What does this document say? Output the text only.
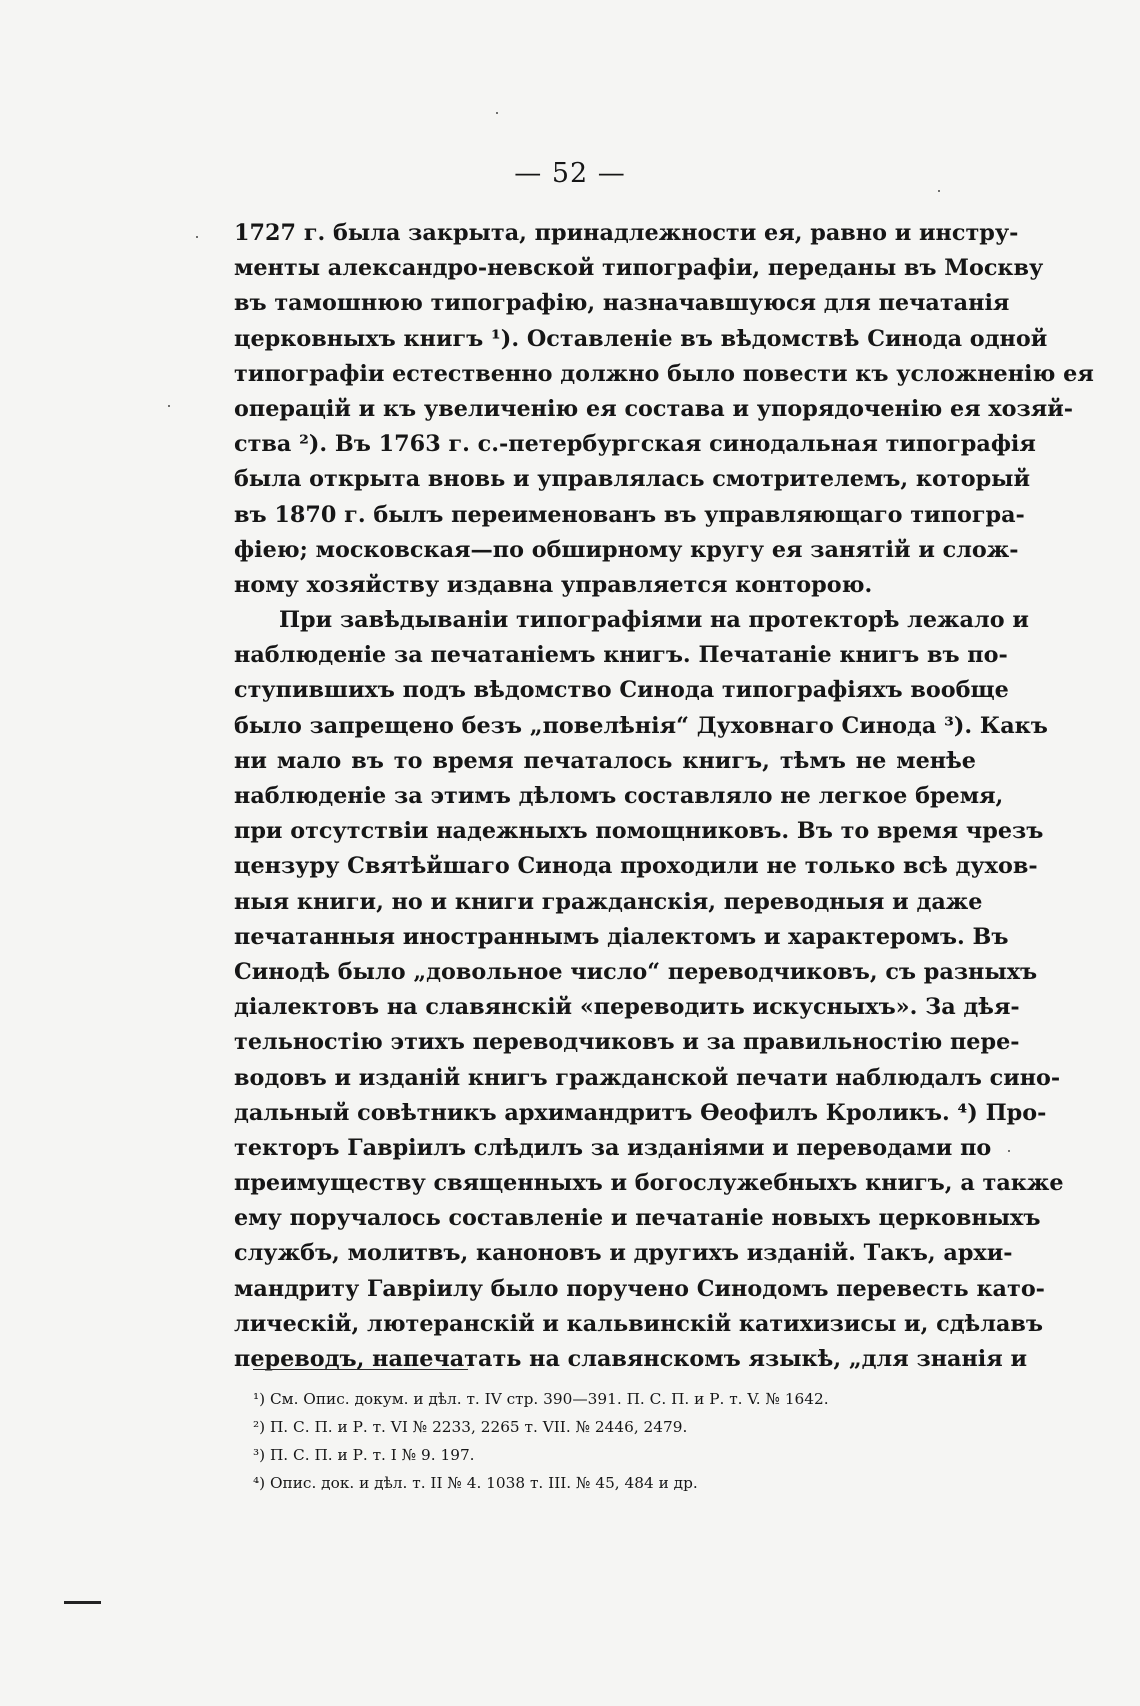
— 52 —
1727 г. была закрыта, принадлежности ея, равно и инстру-
менты александро-невской типографіи, переданы въ Москву
въ тамошнюю типографію, назначавшуюся для печатанія
церковныхъ книгъ ¹). Оставленіе въ вѣдомствѣ Синода одной
типографіи естественно должно было повести къ усложненію ея
операцій и къ увеличенію ея состава и упорядоченію ея хозяй-
ства ²). Въ 1763 г. с.-петербургская синодальная типографія
была открыта вновь и управлялась смотрителемъ, который
въ 1870 г. былъ переименованъ въ управляющаго типогра-
фіею; московская—по обширному кругу ея занятій и слож-
ному хозяйству издавна управляется конторою.
При завѣдываніи типографіями на протекторѣ лежало и
наблюденіе за печатаніемъ книгъ. Печатаніе книгъ въ по-
ступившихъ подъ вѣдомство Синода типографіяхъ вообще
было запрещено безъ „повелѣнія“ Духовнаго Синода ³). Какъ
ни мало въ то время печаталось книгъ, тѣмъ не менѣе
наблюденіе за этимъ дѣломъ составляло не легкое бремя,
при отсутствіи надежныхъ помощниковъ. Въ то время чрезъ
цензуру Святѣйшаго Синода проходили не только всѣ духов-
ныя книги, но и книги гражданскія, переводныя и даже
печатанныя иностраннымъ діалектомъ и характеромъ. Въ
Синодѣ было „довольное число“ переводчиковъ, съ разныхъ
діалектовъ на славянскій «переводить искусныхъ». За дѣя-
тельностію этихъ переводчиковъ и за правильностію пере-
водовъ и изданій книгъ гражданской печати наблюдалъ сино-
дальный совѣтникъ архимандритъ Ѳеофилъ Кроликъ. ⁴) Про-
текторъ Гавріилъ слѣдилъ за изданіями и переводами по
преимуществу священныхъ и богослужебныхъ книгъ, а также
ему поручалось составленіе и печатаніе новыхъ церковныхъ
службъ, молитвъ, каноновъ и другихъ изданій. Такъ, архи-
мандриту Гавріилу было поручено Синодомъ перевесть като-
лическій, лютеранскій и кальвинскій катихизисы и, сдѣлавъ
переводъ, напечатать на славянскомъ языкѣ, „для знанія и
¹) См. Опис. докум. и дѣл. т. IV стр. 390—391. П. С. П. и Р. т. V. № 1642.
²) П. С. П. и Р. т. VI № 2233, 2265 т. VII. № 2446, 2479.
³) П. С. П. и Р. т. I № 9. 197.
⁴) Опис. док. и дѣл. т. II № 4. 1038 т. III. № 45, 484 и др.
